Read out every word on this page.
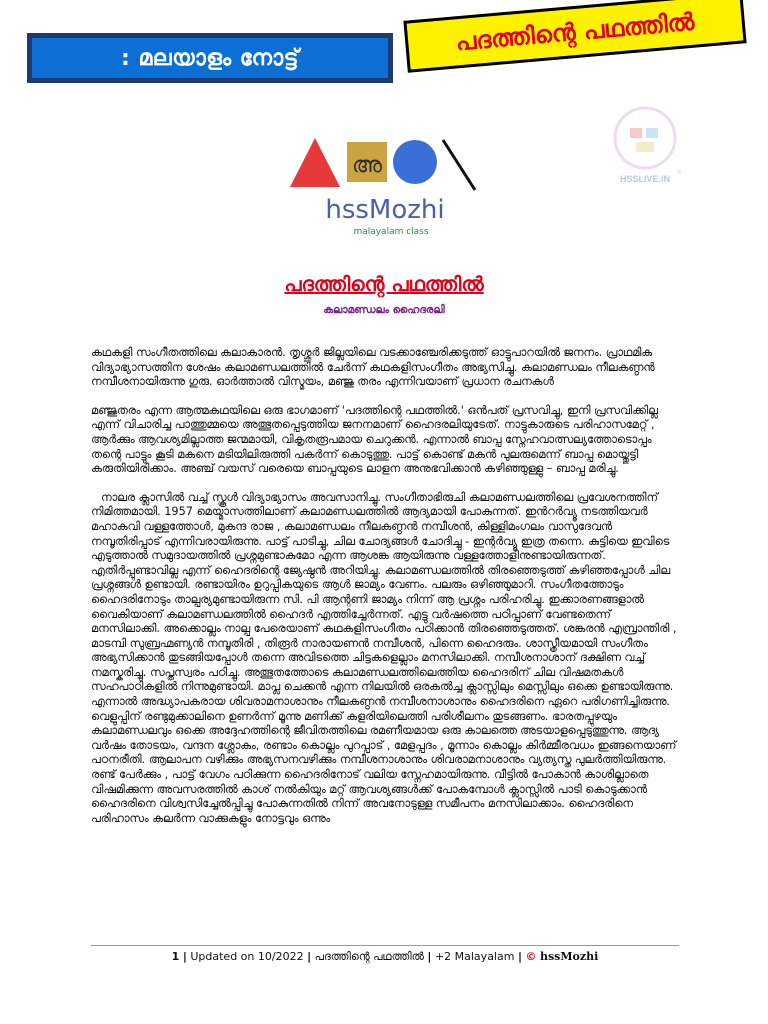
: മലയാളം നോട്ട്
പദത്തിന്റെ പഥത്തിൽ
HSSLIVE.IN
®
അ
hssMozhi
malayalam class
പദത്തിന്റെ പഥത്തിൽ
കലാമണ്ഡലം ഹൈദരലി

കഥകളി സംഗീതത്തിലെ കലാകാരൻ. തൃശ്ശൂർ ജില്ലയിലെ വടക്കാഞ്ചേരിക്കടുത്ത് ഓട്ടുപാറയിൽ ജനനം. പ്രാഥമിക വിദ്യാഭ്യാസത്തിന ശേഷം കലാമണ്ഡലത്തിൽ ചേർന്ന് കഥകളിസംഗീതം അഭ്യസിച്ചു. കലാമണ്ഡലം നീലകണ്ഠൻ നമ്പീശനായിരുന്നു ഗുരു. ഓർത്താൽ വിസ്മയം, മഞ്ജു തരം എന്നിവയാണ് പ്രധാന രചനകൾ

മഞ്ജുതരം എന്ന ആത്മകഥയിലെ ഒരു ഭാഗമാണ് 'പദത്തിന്റെ പഥത്തിൽ.' ഒൻപത് പ്രസവിച്ചു, ഇനി പ്രസവിക്കില്ല എന്ന് വിചാരിച്ച പാത്തുമ്മയെ അത്ഭുതപ്പെടുത്തിയ ജനനമാണ് ഹൈദരലിയുടേത്. നാട്ടുകാരുടെ പരിഹാസമേറ്റ് , ആർക്കും ആവശ്യമില്ലാത്ത ജന്മമായി, വികൃതരൂപമായ ചെറുക്കൻ. എന്നാൽ ബാപ്പ സ്നേഹവാത്സല്യത്തോടൊപ്പം തന്റെ പാട്ടും കൂടി മകനെ മടിയിലിരുത്തി പകർന്ന് കൊടുത്തു. പാട്ട് കൊണ്ട് മകൻ പുലരുമെന്ന് ബാപ്പ മൊയ്തുട്ടി കരുതിയിരിക്കാം. അഞ്ച് വയസ് വരെയെ ബാപ്പയുടെ ലാളന അനുഭവിക്കാൻ കഴിഞ്ഞുള്ളു – ബാപ്പ മരിച്ചു.

നാലര ക്ലാസിൽ വച്ച് സ്കൂൾ വിദ്യാഭ്യാസം അവസാനിച്ചു. സംഗീതാഭിരുചി കലാമണ്ഡലത്തിലെ പ്രവേശനത്തിന് നിമിത്തമായി. 1957 മെയ്മാസത്തിലാണ് കലാമണ്ഡലത്തിൽ ആദ്യമായി പോകുന്നത്. ഇൻറർവ്യൂ നടത്തിയവർ മഹാകവി വള്ളത്തോൾ, മുകന്ദ രാജ , കലാമണ്ഡലം നീലകണ്ഠൻ നമ്പീശൻ, കിള്ളിമംഗലം വാസുദേവൻ നമ്പൂതിരിപ്പാട് എന്നിവരായിരുന്നു. പാട്ട് പാടിച്ചു, ചില ചോദ്യങ്ങൾ ചോദിച്ചു - ഇന്റർവ്യൂ ഇത്ര തന്നെ. കുട്ടിയെ ഇവിടെ എടുത്താൽ സമുദായത്തിൽ പ്രശ്നമുണ്ടാകുമോ എന്ന ആശങ്ക ആയിരുന്നു വള്ളത്തോളിനുണ്ടായിരുന്നത്. എതിർപ്പുണ്ടാവില്ല എന്ന് ഹൈദരിന്റെ ജ്യേഷ്ഠൻ അറിയിച്ചു. കലാമണ്ഡലത്തിൽ തിരഞ്ഞെടുത്ത് കഴിഞ്ഞപ്പോൾ ചില പ്രശ്നങ്ങൾ ഉണ്ടായി. രണ്ടായിരം ഉറുപ്പികയുടെ ആൾ ജാമ്യം വേണം. പലരും ഒഴിഞ്ഞുമാറി. സംഗീതത്തോടും ഹൈദരിനോടും താല്പര്യമുണ്ടായിരുന്ന സി. പി ആന്റണി ജാമ്യം നിന്ന് ആ പ്രശ്നം പരിഹരിച്ചു. ഇക്കാരണങ്ങളാൽ വൈകിയാണ് കലാമണ്ഡലത്തിൽ ഹൈദർ എത്തിച്ചേർന്നത്. എട്ടു വർഷത്തെ പഠിപ്പാണ് വേണ്ടതെന്ന് മനസിലാക്കി. അക്കൊല്ലം നാല്പ പേരെയാണ് കഥകളിസംഗീതം പഠിക്കാൻ തിരഞ്ഞെടുത്തത്. ശങ്കരൻ എമ്പ്രാന്തിരി , മാടമ്പി സുബ്രഹ്മണ്യൻ നമ്പൂതിരി , തിരൂർ നാരായണൻ നമ്പീശൻ, പിന്നെ ഹൈദരും. ശാസ്ത്രീയമായി സംഗീതം അഭ്യസിക്കാൻ തുടങ്ങിയപ്പോൾ തന്നെ അവിടത്തെ ചിട്ടകളെല്ലാം മനസിലാക്കി. നമ്പീശനാശാന് ദക്ഷിണ വച്ച് നമസ്കരിച്ചു. സപ്തസ്വരം പഠിച്ചു. അത്ഭുതത്തോടെ കലാമണ്ഡലത്തിലെത്തിയ ഹൈദരിന് ചില വിഷമതകൾ സഹപാഠികളിൽ നിന്നുമുണ്ടായി. മാപ്ല ചെക്കൻ എന്ന നിലയിൽ ഒരകൽച്ച ക്ലാസ്സിലും മെസ്സിലും ഒക്കെ ഉണ്ടായിരുന്നു. എന്നാൽ അദ്ധ്യാപകരായ ശിവരാമനാശാനും നീലകണ്ഠൻ നമ്പീശനാശാനും ഹൈദരിനെ ഏറെ പരിഗണിച്ചിരുന്നു. വെളുപ്പിന് രണ്ടുമുക്കാലിനെ ഉണർന്ന് മൂന്നു മണിക്ക് കളരിയിലെത്തി പരിശീലനം തുടങ്ങണം. ഭാരതപ്പുഴയും കലാമണ്ഡലവും ഒക്കെ അദ്ദേഹത്തിന്റെ ജീവിതത്തിലെ രമണീയമായ ഒരു കാലത്തെ അടയാളപ്പെടുത്തുന്നു. ആദ്യ വർഷം തോടയം, വന്ദന ശ്ലോകം, രണ്ടാം കൊല്ലം പുറപ്പാട് , മേളപ്പദം , മൂന്നാം കൊല്ലം കിർമ്മീരവധം ഇങ്ങനെയാണ് പഠനരീതി. ആലാപന വഴിക്കും അഭ്യസനവഴിക്കും നമ്പീശനാശാനും ശിവരാമനാശാനും വ്യത്യസ്ത പുലർത്തിയിരുന്നു. രണ്ട് പേർക്കും , പാട്ട് വേഗം പഠിക്കുന്ന ഹൈദരിനോട് വലിയ സ്നേഹമായിരുന്നു. വീട്ടിൽ പോകാൻ കാശില്ലാതെ വിഷമിക്കുന്ന അവസരത്തിൽ കാശ് നൽകിയും മറ്റ് ആവശ്യങ്ങൾക്ക് പോകമ്പോൾ ക്ലാസ്സിൽ പാടി കൊടുക്കാൻ ഹൈദരിനെ വിശ്വസിച്ചേൽപ്പിച്ചു പോകുന്നതിൽ നിന്ന് അവനോടുള്ള സമീപനം മനസിലാക്കാം. ഹൈദരിനെ പരിഹാസം കലർന്ന വാക്കുകളും നോട്ടവും ഒന്നും

1 | Updated on 10/2022 | പദത്തിന്റെ പഥത്തിൽ | +2 Malayalam | © hssMozhi
